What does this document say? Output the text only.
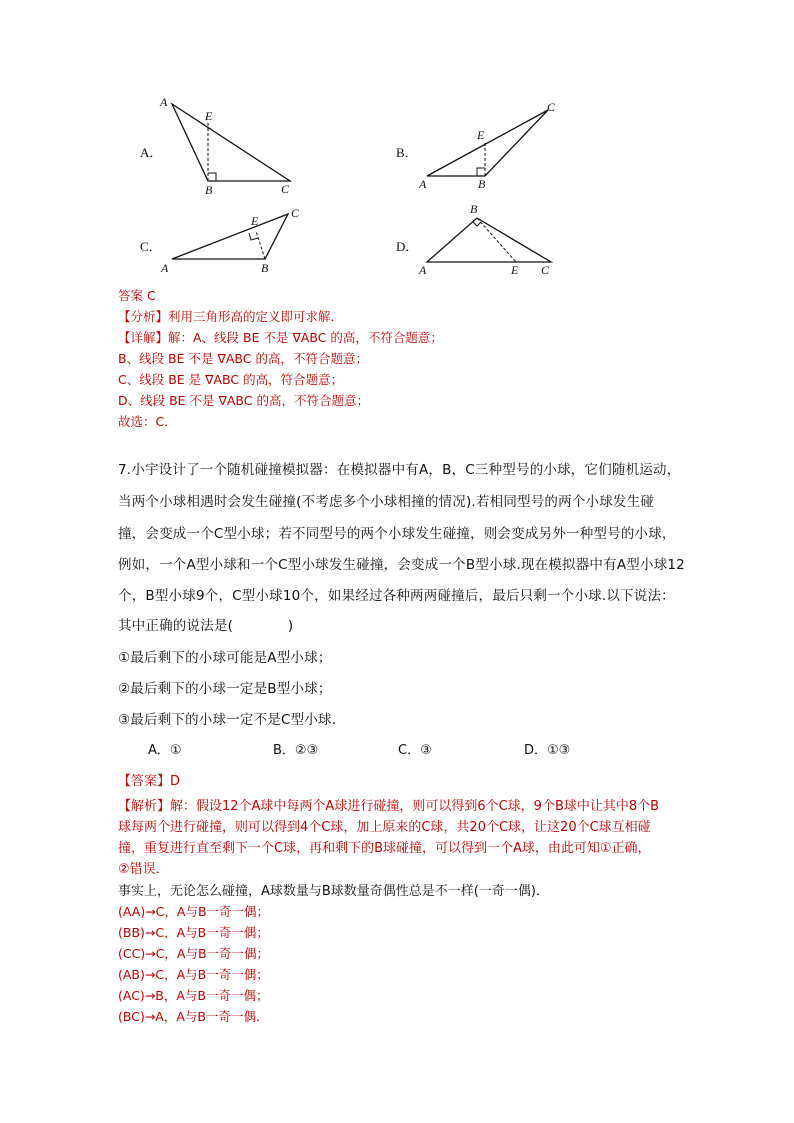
A．
A
B	C
E
B．
A	B
C
E
C．
A	B
C
E
D．
A
B
C
E
答案 C
【分析】利用三角形高的定义即可求解．
【详解】解：A、线段 BE 不是 ∇ABC 的高，不符合题意；
B、线段 BE 不是 ∇ABC 的高，不符合题意；
C、线段 BE 是 ∇ABC 的高，符合题意；
D、线段 BE 不是 ∇ABC 的高，不符合题意；
故选：C．
7.小宇设计了一个随机碰撞模拟器：在模拟器中有A，B，C三种型号的小球，它们随机运动，
当两个小球相遇时会发生碰撞(不考虑多个小球相撞的情况).若相同型号的两个小球发生碰
撞，会变成一个C型小球；若不同型号的两个小球发生碰撞，则会变成另外一种型号的小球，
例如，一个A型小球和一个C型小球发生碰撞，会变成一个B型小球.现在模拟器中有A型小球12
个，B型小球9个，C型小球10个，如果经过各种两两碰撞后，最后只剩一个小球.以下说法：
其中正确的说法是(　　　　)
①最后剩下的小球可能是A型小球；
②最后剩下的小球一定是B型小球；
③最后剩下的小球一定不是C型小球．
A．①	B．②③	C．③	D．①③
【答案】D
【解析】解：假设12个A球中每两个A球进行碰撞，则可以得到6个C球，9个B球中让其中8个B
球每两个进行碰撞，则可以得到4个C球，加上原来的C球，共20个C球，让这20个C球互相碰
撞，重复进行直至剩下一个C球，再和剩下的B球碰撞，可以得到一个A球，由此可知①正确，
②错误．
事实上，无论怎么碰撞，A球数量与B球数量奇偶性总是不一样(一奇一偶)．
(AA)→C，A与B一奇一偶；
(BB)→C，A与B一奇一偶；
(CC)→C，A与B一奇一偶；
(AB)→C，A与B一奇一偶；
(AC)→B，A与B一奇一偶；
(BC)→A，A与B一奇一偶．
